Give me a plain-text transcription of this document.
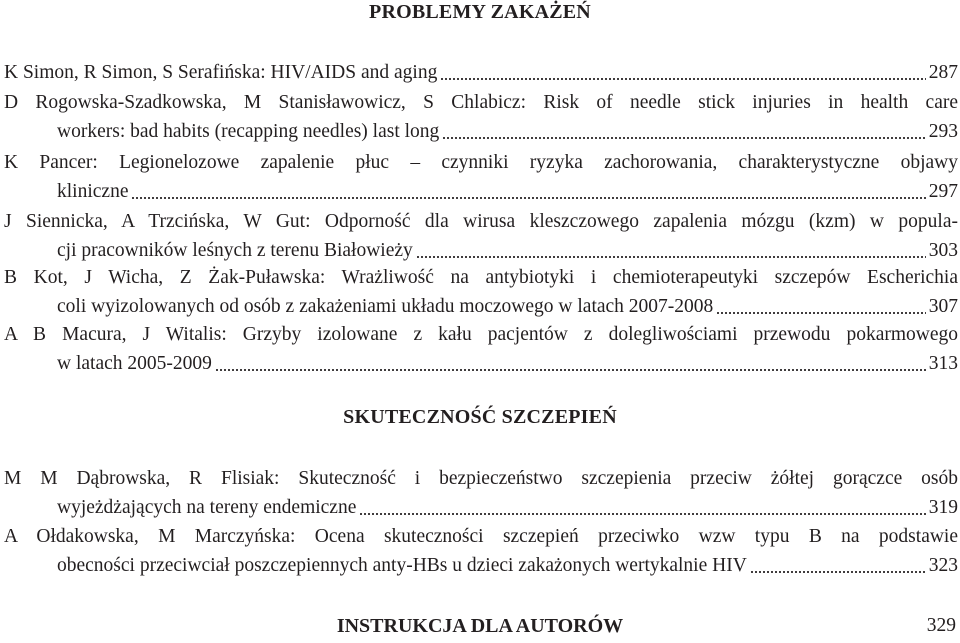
PROBLEMY ZAKAŻEŃ
K Simon, R Simon, S Serafińska: HIV/AIDS and aging	287
D Rogowska-Szadkowska, M Stanisławowicz, S Chlabicz: Risk of needle stick injuries in health care
workers: bad habits (recapping needles) last long	293
K Pancer: Legionelozowe zapalenie płuc – czynniki ryzyka zachorowania, charakterystyczne objawy
kliniczne	297
J Siennicka, A Trzcińska, W Gut: Odporność dla wirusa kleszczowego zapalenia mózgu (kzm) w popula-
cji pracowników leśnych z terenu Białowieży	303
B Kot, J Wicha, Z Żak-Puławska: Wrażliwość na antybiotyki i chemioterapeutyki szczepów Escherichia
coli wyizolowanych od osób z zakażeniami układu moczowego w latach 2007-2008	307
A B Macura, J Witalis: Grzyby izolowane z kału pacjentów z dolegliwościami przewodu pokarmowego
w latach 2005-2009	313
SKUTECZNOŚĆ SZCZEPIEŃ
M M Dąbrowska, R Flisiak: Skuteczność i bezpieczeństwo szczepienia przeciw żółtej gorączce osób
wyjeżdżających na tereny endemiczne	319
A Ołdakowska, M Marczyńska: Ocena skuteczności szczepień przeciwko wzw typu B na podstawie
obecności przeciwciał poszczepiennych anty-HBs u dzieci zakażonych wertykalnie HIV	323
INSTRUKCJA DLA AUTORÓW	329
